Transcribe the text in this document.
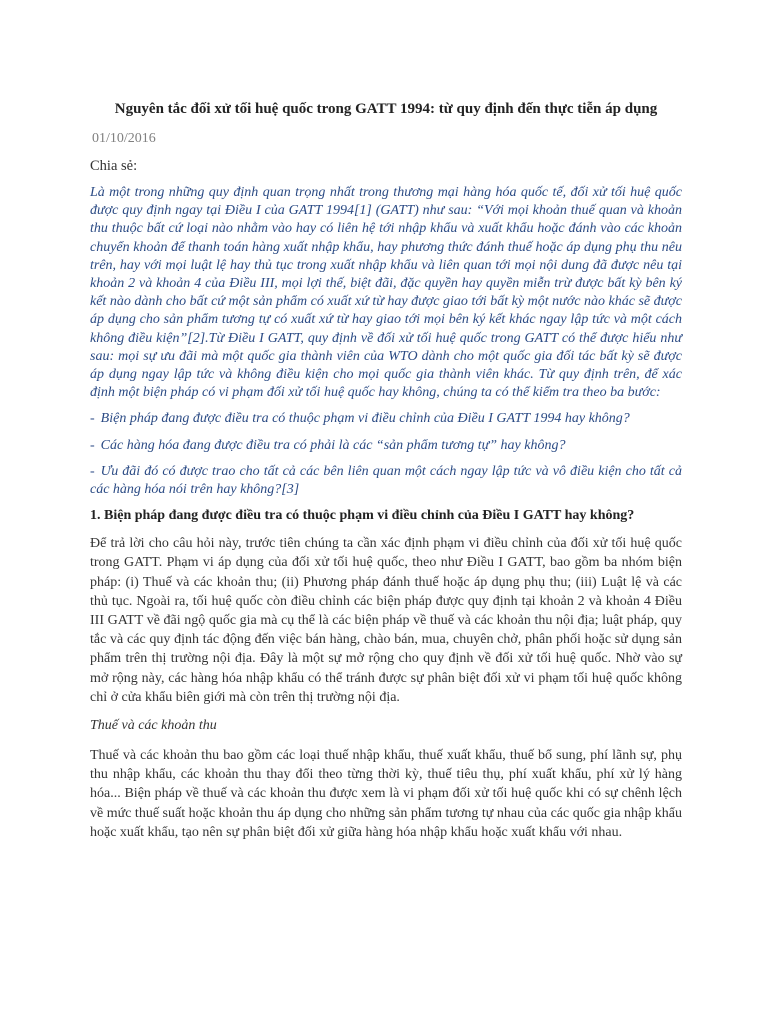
Nguyên tắc đối xử tối huệ quốc trong GATT 1994: từ quy định đến thực tiễn áp dụng
01/10/2016
Chia sẻ:

Là một trong những quy định quan trọng nhất trong thương mại hàng hóa quốc tế, đối xử tối huệ quốc được quy định ngay tại Điều I của GATT 1994[1] (GATT) như sau: “Với mọi khoản thuế quan và khoản thu thuộc bất cứ loại nào nhằm vào hay có liên hệ tới nhập khẩu và xuất khẩu hoặc đánh vào các khoản chuyển khoản để thanh toán hàng xuất nhập khẩu, hay phương thức đánh thuế hoặc áp dụng phụ thu nêu trên, hay với mọi luật lệ hay thủ tục trong xuất nhập khẩu và liên quan tới mọi nội dung đã được nêu tại khoản 2 và khoản 4 của Điều III, mọi lợi thế, biệt đãi, đặc quyền hay quyền miễn trừ được bất kỳ bên ký kết nào dành cho bất cứ một sản phẩm có xuất xứ từ hay được giao tới bất kỳ một nước nào khác sẽ được áp dụng cho sản phẩm tương tự có xuất xứ từ hay giao tới mọi bên ký kết khác ngay lập tức và một cách không điều kiện”[2].Từ Điều I GATT, quy định về đối xử tối huệ quốc trong GATT có thể được hiểu như sau: mọi sự ưu đãi mà một quốc gia thành viên của WTO dành cho một quốc gia đối tác bất kỳ sẽ được áp dụng ngay lập tức và không điều kiện cho mọi quốc gia thành viên khác. Từ quy định trên, để xác định một biện pháp có vi phạm đối xử tối huệ quốc hay không, chúng ta có thể kiểm tra theo ba bước:

- Biện pháp đang được điều tra có thuộc phạm vi điều chỉnh của Điều I GATT 1994 hay không?

- Các hàng hóa đang được điều tra có phải là các “sản phẩm tương tự” hay không?

- Ưu đãi đó có được trao cho tất cả các bên liên quan một cách ngay lập tức và vô điều kiện cho tất cả các hàng hóa nói trên hay không?[3]

1. Biện pháp đang được điều tra có thuộc phạm vi điều chỉnh của Điều I GATT hay không?

Để trả lời cho câu hỏi này, trước tiên chúng ta cần xác định phạm vi điều chỉnh của đối xử tối huệ quốc trong GATT. Phạm vi áp dụng của đối xử tối huệ quốc, theo như Điều I GATT, bao gồm ba nhóm biện pháp: (i) Thuế và các khoản thu; (ii) Phương pháp đánh thuế hoặc áp dụng phụ thu; (iii) Luật lệ và các thủ tục. Ngoài ra, tối huệ quốc còn điều chỉnh các biện pháp được quy định tại khoản 2 và khoản 4 Điều III GATT về đãi ngộ quốc gia mà cụ thể là các biện pháp về thuế và các khoản thu nội địa; luật pháp, quy tắc và các quy định tác động đến việc bán hàng, chào bán, mua, chuyên chở, phân phối hoặc sử dụng sản phẩm trên thị trường nội địa. Đây là một sự mở rộng cho quy định về đối xử tối huệ quốc. Nhờ vào sự mở rộng này, các hàng hóa nhập khẩu có thể tránh được sự phân biệt đối xử vi phạm tối huệ quốc không chỉ ở cửa khẩu biên giới mà còn trên thị trường nội địa.

Thuế và các khoản thu

Thuế và các khoản thu bao gồm các loại thuế nhập khẩu, thuế xuất khẩu, thuế bổ sung, phí lãnh sự, phụ thu nhập khẩu, các khoản thu thay đổi theo từng thời kỳ, thuế tiêu thụ, phí xuất khẩu, phí xử lý hàng hóa... Biện pháp về thuế và các khoản thu được xem là vi phạm đối xử tối huệ quốc khi có sự chênh lệch về mức thuế suất hoặc khoản thu áp dụng cho những sản phẩm tương tự nhau của các quốc gia nhập khẩu hoặc xuất khẩu, tạo nên sự phân biệt đối xử giữa hàng hóa nhập khẩu hoặc xuất khẩu với nhau.
